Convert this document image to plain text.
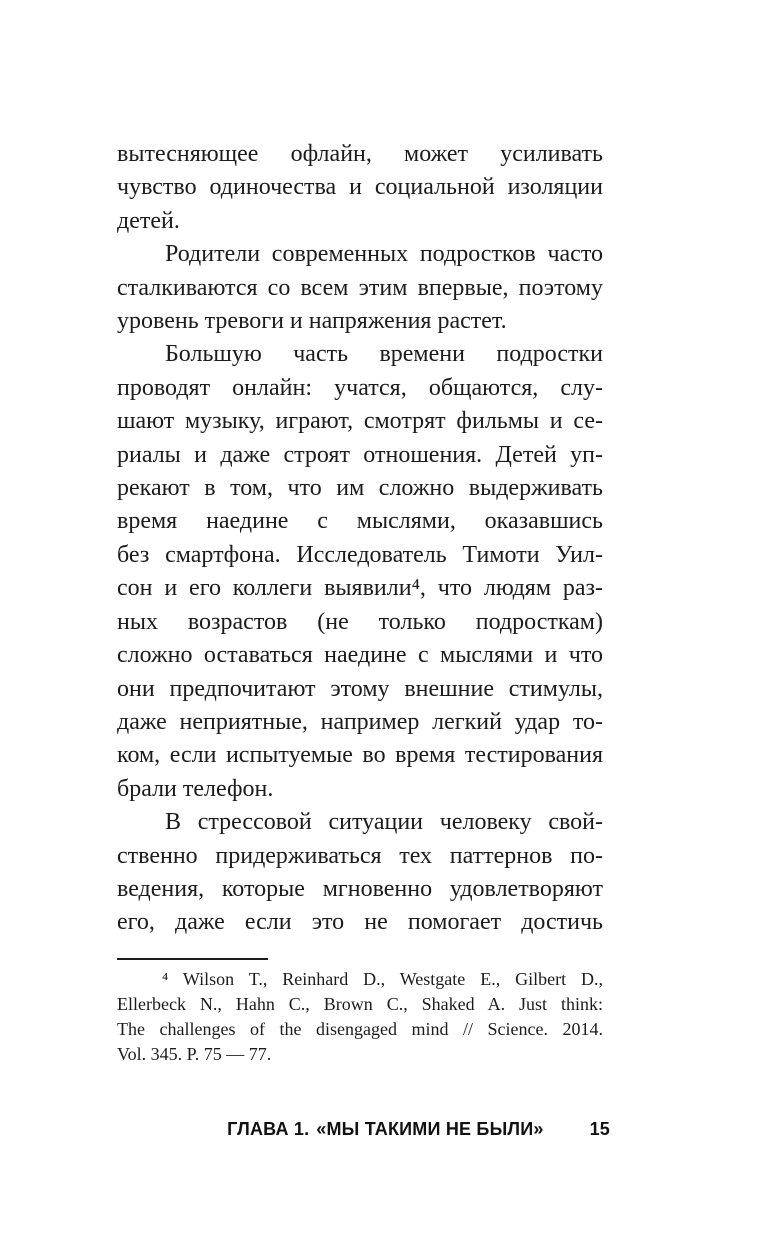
вытесняющее офлайн, может усиливать
чувство одиночества и социальной изоляции
детей.
Родители современных подростков часто
сталкиваются со всем этим впервые, поэтому
уровень тревоги и напряжения растет.
Большую часть времени подростки
проводят онлайн: учатся, общаются, слу-
шают музыку, играют, смотрят фильмы и се-
риалы и даже строят отношения. Детей уп-
рекают в том, что им сложно выдерживать
время наедине с мыслями, оказавшись
без смартфона. Исследователь Тимоти Уил-
сон и его коллеги выявили⁴, что людям раз-
ных возрастов (не только подросткам)
сложно оставаться наедине с мыслями и что
они предпочитают этому внешние стимулы,
даже неприятные, например легкий удар то-
ком, если испытуемые во время тестирования
брали телефон.
В стрессовой ситуации человеку свой-
ственно придерживаться тех паттернов по-
ведения, которые мгновенно удовлетворяют
его, даже если это не помогает достичь
⁴ Wilson T., Reinhard D., Westgate E., Gilbert D.,
Ellerbeck N., Hahn C., Brown C., Shaked A. Just think:
The challenges of the disengaged mind // Science. 2014.
Vol. 345. P. 75 — 77.
ГЛАВА 1. «МЫ ТАКИМИ НЕ БЫЛИ»	15
